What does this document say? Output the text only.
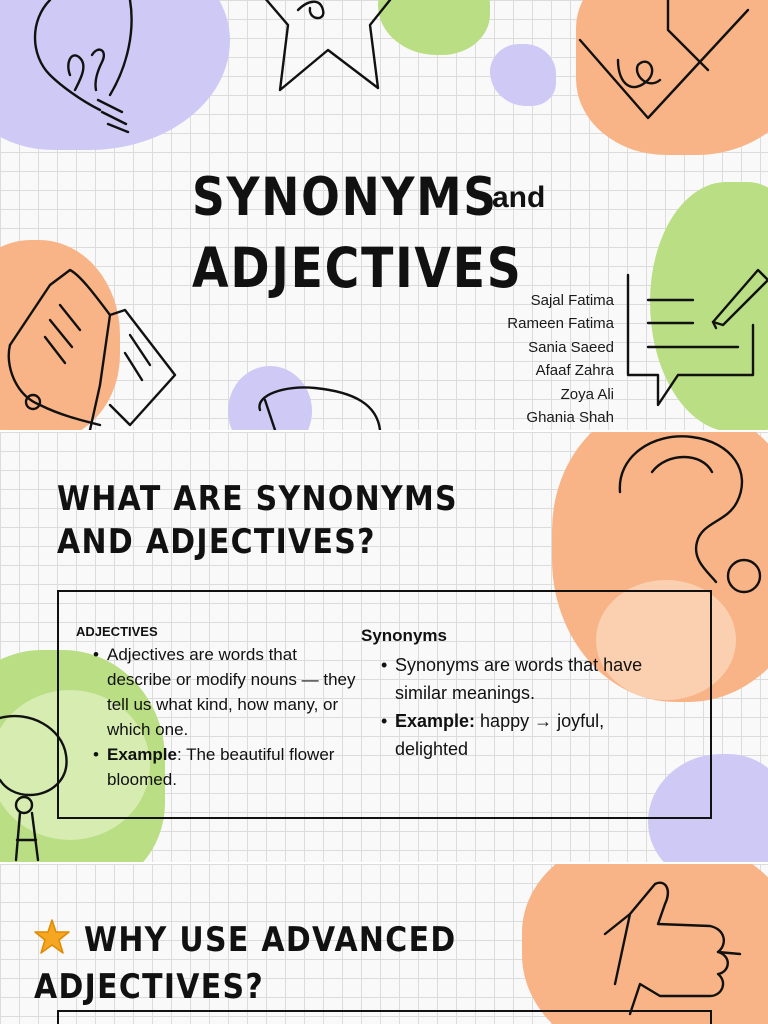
SYNONYMS
and
ADJECTIVES
Sajal Fatima
Rameen Fatima
Sania Saeed
Afaaf Zahra
Zoya Ali
Ghania Shah
WHAT ARE SYNONYMS
AND ADJECTIVES?
ADJECTIVES
• Adjectives are words that describe or modify nouns — they tell us what kind, how many, or which one.
• Example: The beautiful flower bloomed.
Synonyms
• Synonyms are words that have similar meanings.
• Example: happy → joyful, delighted
WHY USE ADVANCED
ADJECTIVES?
